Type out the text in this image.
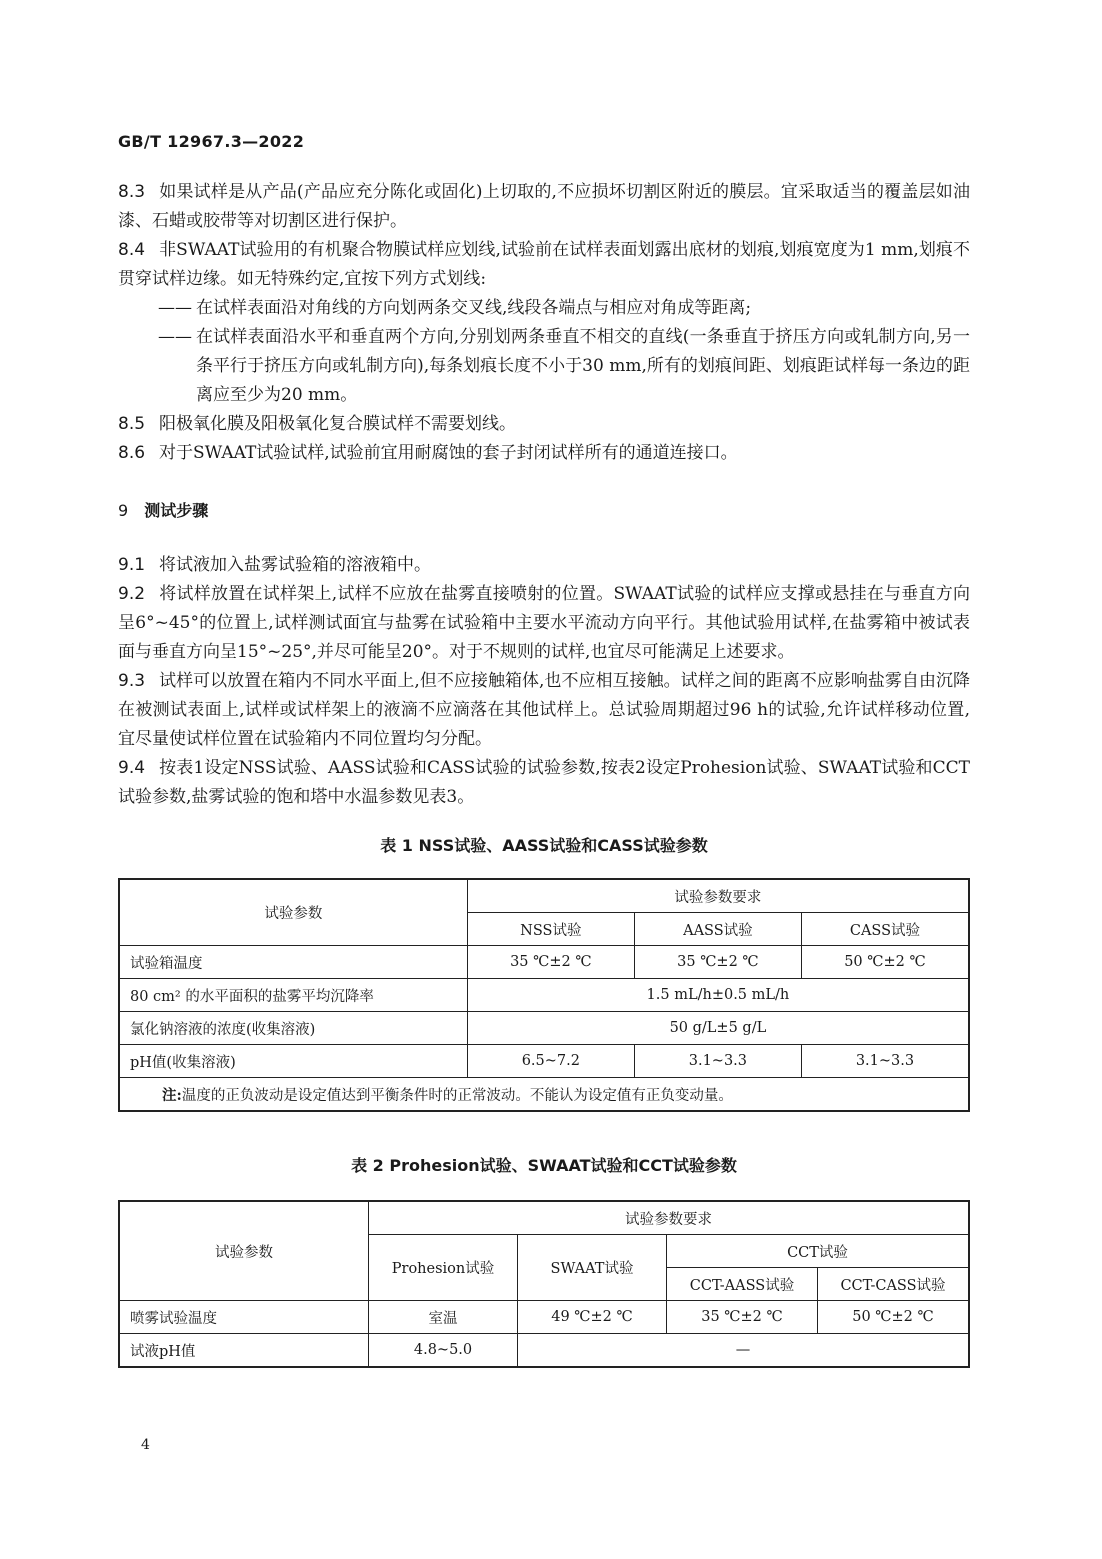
GB/T 12967.3—2022

8.3 如果试样是从产品(产品应充分陈化或固化)上切取的,不应损坏切割区附近的膜层。宜采取适当的覆盖层如油漆、石蜡或胶带等对切割区进行保护。

8.4 非SWAAT试验用的有机聚合物膜试样应划线,试验前在试样表面划露出底材的划痕,划痕宽度为1 mm,划痕不贯穿试样边缘。如无特殊约定,宜按下列方式划线:

—— 在试样表面沿对角线的方向划两条交叉线,线段各端点与相应对角成等距离;

—— 在试样表面沿水平和垂直两个方向,分别划两条垂直不相交的直线(一条垂直于挤压方向或轧制方向,另一条平行于挤压方向或轧制方向),每条划痕长度不小于30 mm,所有的划痕间距、划痕距试样每一条边的距离应至少为20 mm。

8.5 阳极氧化膜及阳极氧化复合膜试样不需要划线。

8.6 对于SWAAT试验试样,试验前宜用耐腐蚀的套子封闭试样所有的通道连接口。

9 测试步骤

9.1 将试液加入盐雾试验箱的溶液箱中。

9.2 将试样放置在试样架上,试样不应放在盐雾直接喷射的位置。SWAAT试验的试样应支撑或悬挂在与垂直方向呈6°~45°的位置上,试样测试面宜与盐雾在试验箱中主要水平流动方向平行。其他试验用试样,在盐雾箱中被试表面与垂直方向呈15°~25°,并尽可能呈20°。对于不规则的试样,也宜尽可能满足上述要求。

9.3 试样可以放置在箱内不同水平面上,但不应接触箱体,也不应相互接触。试样之间的距离不应影响盐雾自由沉降在被测试表面上,试样或试样架上的液滴不应滴落在其他试样上。总试验周期超过96 h的试验,允许试样移动位置,宜尽量使试样位置在试验箱内不同位置均匀分配。

9.4 按表1设定NSS试验、AASS试验和CASS试验的试验参数,按表2设定Prohesion试验、SWAAT试验和CCT试验参数,盐雾试验的饱和塔中水温参数见表3。

表 1 NSS试验、AASS试验和CASS试验参数
试验参数	试验参数要求		
	NSS试验	AASS试验	CASS试验
试验箱温度	35 ℃±2 ℃	35 ℃±2 ℃	50 ℃±2 ℃
80 cm² 的水平面积的盐雾平均沉降率	1.5 mL/h±0.5 mL/h		
氯化钠溶液的浓度(收集溶液)	50 g/L±5 g/L		
pH值(收集溶液)	6.5~7.2	3.1~3.3	3.1~3.3
注:温度的正负波动是设定值达到平衡条件时的正常波动。不能认为设定值有正负变动量。			
表 2 Prohesion试验、SWAAT试验和CCT试验参数
试验参数	试验参数要求			
	Prohesion试验	SWAAT试验	CCT试验	
			CCT-AASS试验	CCT-CASS试验
喷雾试验温度	室温	49 ℃±2 ℃	35 ℃±2 ℃	50 ℃±2 ℃
试液pH值	4.8~5.0	—		
4
